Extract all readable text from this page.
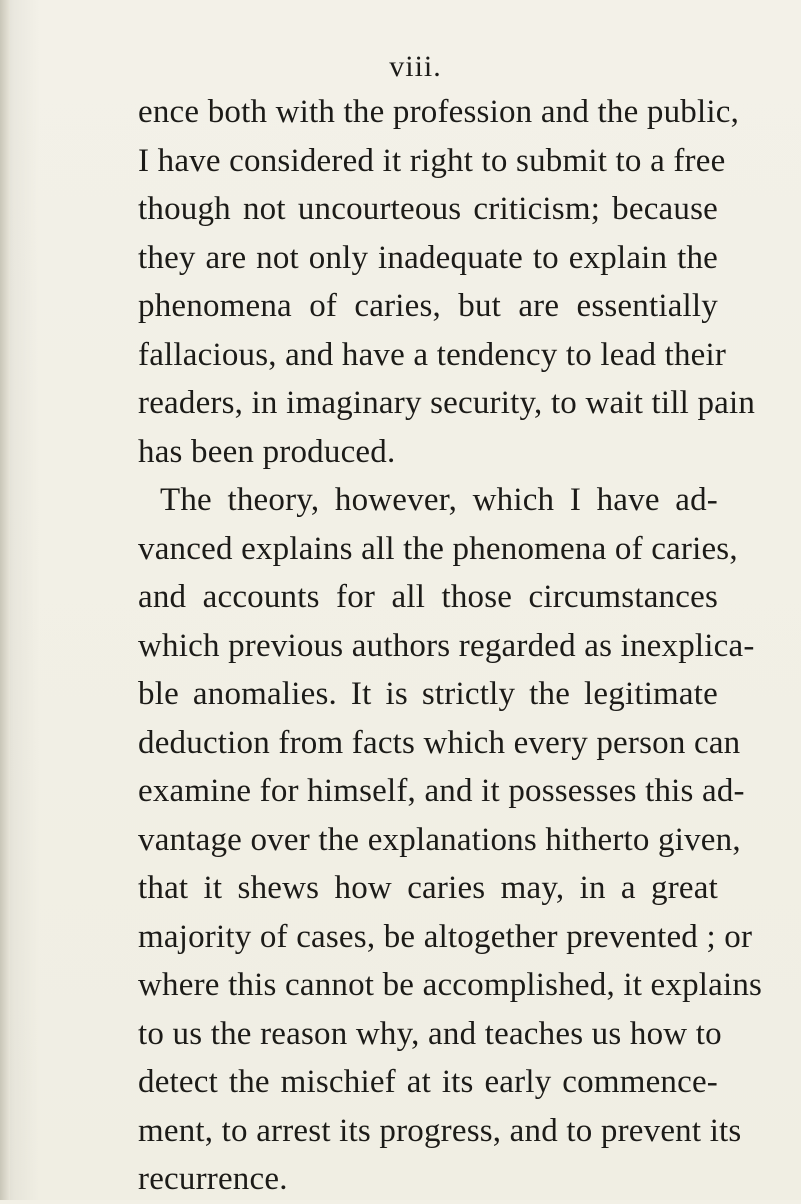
viii.
ence both with the profession and the public,
I have considered it right to submit to a free
though not uncourteous criticism; because
they are not only inadequate to explain the
phenomena of caries, but are essentially
fallacious, and have a tendency to lead their
readers, in imaginary security, to wait till pain
has been produced.
The theory, however, which I have ad-
vanced explains all the phenomena of caries,
and accounts for all those circumstances
which previous authors regarded as inexplica-
ble anomalies. It is strictly the legitimate
deduction from facts which every person can
examine for himself, and it possesses this ad-
vantage over the explanations hitherto given,
that it shews how caries may, in a great
majority of cases, be altogether prevented ; or
where this cannot be accomplished, it explains
to us the reason why, and teaches us how to
detect the mischief at its early commence-
ment, to arrest its progress, and to prevent its
recurrence.
